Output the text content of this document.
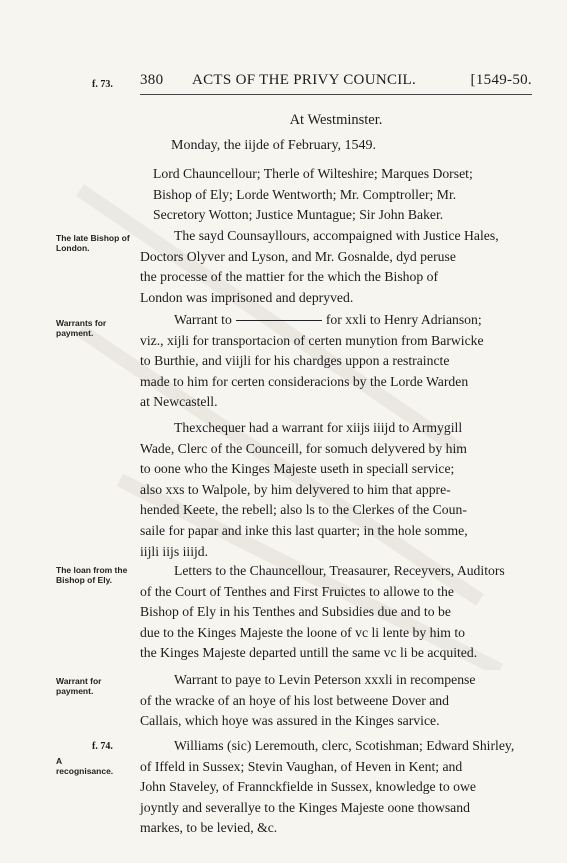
380 ACTS OF THE PRIVY COUNCIL.	[1549-50.
f. 73.
At Westminster.
Monday, the iijde of February, 1549.
Lord Chauncellour; Therle of Wilteshire; Marques Dorset;
Bishop of Ely; Lorde Wentworth; Mr. Comptroller; Mr.
Secretory Wotton; Justice Muntague; Sir John Baker.
The late Bishop of London.
The sayd Counsayllours, accompaigned with Justice Hales,
Doctors Olyver and Lyson, and Mr. Gosnalde, dyd peruse
the processe of the mattier for the which the Bishop of
London was imprisoned and depryved.
Warrants for payment.
Warrant to	for xxli to Henry Adrianson;
viz., xijli for transportacion of certen munytion from Barwicke
to Burthie, and viijli for his chardges uppon a restraincte
made to him for certen consideracions by the Lorde Warden
at Newcastell.
Thexchequer had a warrant for xiijs iiijd to Armygill
Wade, Clerc of the Counceill, for somuch delyvered by him
to oone who the Kinges Majeste useth in speciall service;
also xxs to Walpole, by him delyvered to him that appre-
hended Keete, the rebell; also ls to the Clerkes of the Coun-
saile for papar and inke this last quarter; in the hole somme,
iijli iijs iiijd.
The loan from the Bishop of Ely.
Letters to the Chauncellour, Treasaurer, Receyvers, Auditors
of the Court of Tenthes and First Fruictes to allowe to the
Bishop of Ely in his Tenthes and Subsidies due and to be
due to the Kinges Majeste the loone of vc li lente by him to
the Kinges Majeste departed untill the same vc li be acquited.
Warrant for payment.
Warrant to paye to Levin Peterson xxxli in recompense
of the wracke of an hoye of his lost betweene Dover and
Callais, which hoye was assured in the Kinges sarvice.
f. 74.
A recognisance.
Williams (sic) Leremouth, clerc, Scotishman; Edward Shirley,
of Iffeld in Sussex; Stevin Vaughan, of Heven in Kent; and
John Staveley, of Frannckfielde in Sussex, knowledge to owe
joyntly and severallye to the Kinges Majeste oone thowsand
markes, to be levied, &c.
